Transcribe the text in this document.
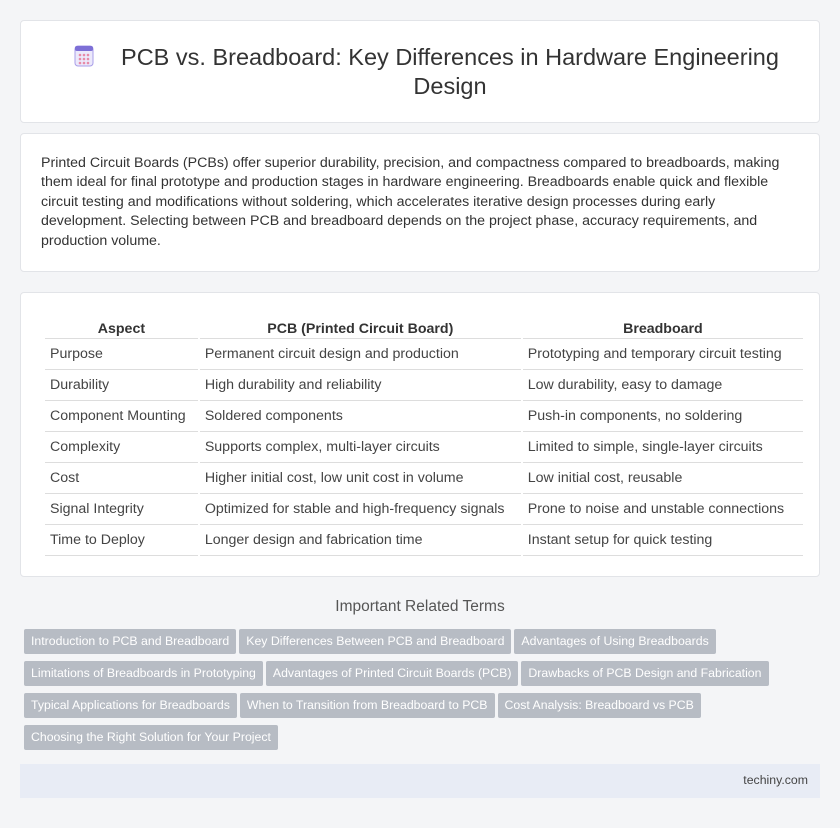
PCB vs. Breadboard: Key Differences in Hardware Engineering Design

Printed Circuit Boards (PCBs) offer superior durability, precision, and compactness compared to breadboards, making them ideal for final prototype and production stages in hardware engineering. Breadboards enable quick and flexible circuit testing and modifications without soldering, which accelerates iterative design processes during early development. Selecting between PCB and breadboard depends on the project phase, accuracy requirements, and production volume.

Aspect	PCB (Printed Circuit Board)	Breadboard
Purpose	Permanent circuit design and production	Prototyping and temporary circuit testing
Durability	High durability and reliability	Low durability, easy to damage
Component Mounting	Soldered components	Push-in components, no soldering
Complexity	Supports complex, multi-layer circuits	Limited to simple, single-layer circuits
Cost	Higher initial cost, low unit cost in volume	Low initial cost, reusable
Signal Integrity	Optimized for stable and high-frequency signals	Prone to noise and unstable connections
Time to Deploy	Longer design and fabrication time	Instant setup for quick testing
Important Related Terms
Introduction to PCB and Breadboard Key Differences Between PCB and Breadboard Advantages of Using Breadboards
Limitations of Breadboards in Prototyping Advantages of Printed Circuit Boards (PCB) Drawbacks of PCB Design and Fabrication
Typical Applications for Breadboards When to Transition from Breadboard to PCB Cost Analysis: Breadboard vs PCB
Choosing the Right Solution for Your Project
techiny.com
